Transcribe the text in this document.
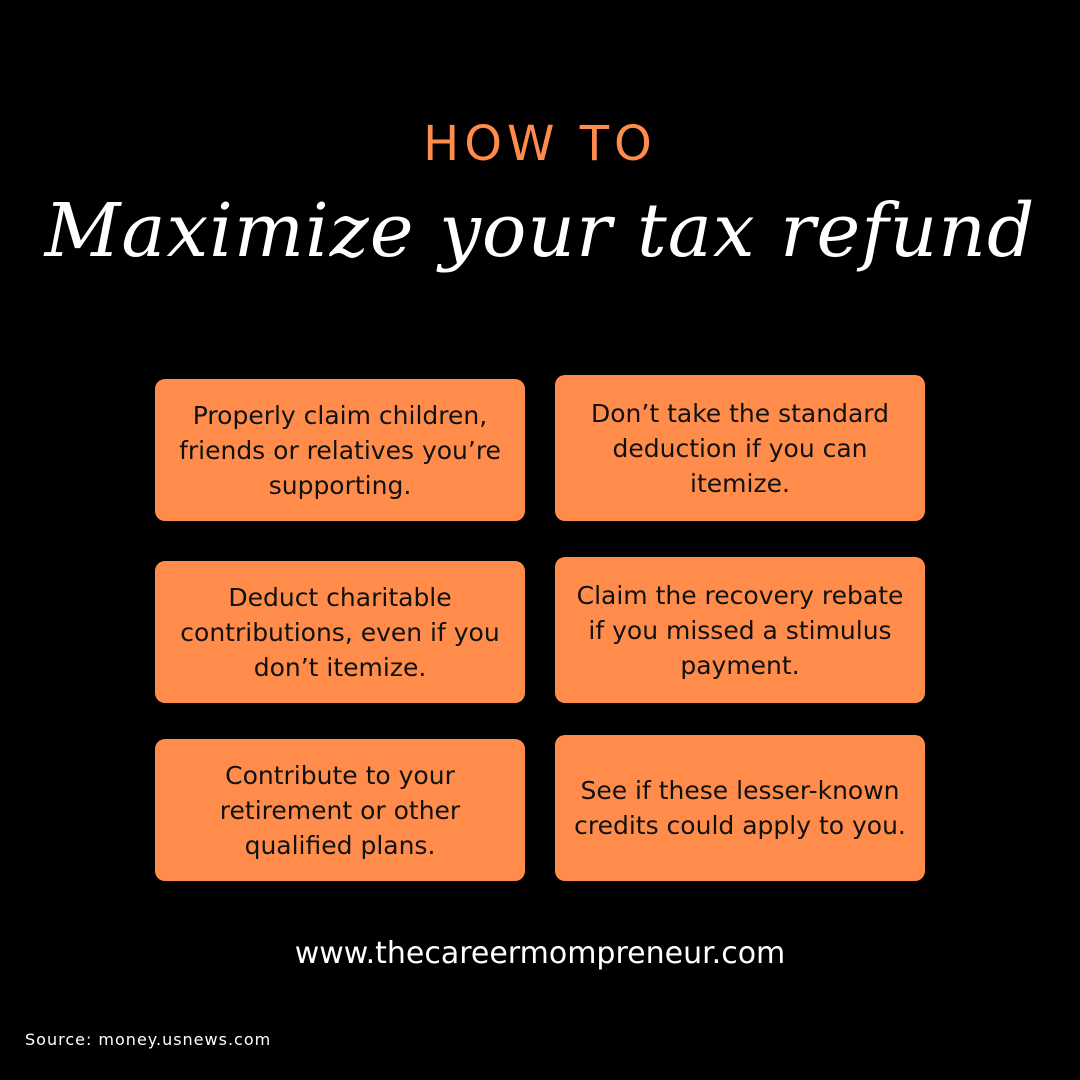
HOW TO
Maximize your tax refund
Properly claim children, friends or relatives you’re supporting.
Don’t take the standard deduction if you can itemize.
Deduct charitable contributions, even if you don’t itemize.
Claim the recovery rebate if you missed a stimulus payment.
Contribute to your retirement or other qualified plans.
See if these lesser-known credits could apply to you.
www.thecareermompreneur.com
Source: money.usnews.com
